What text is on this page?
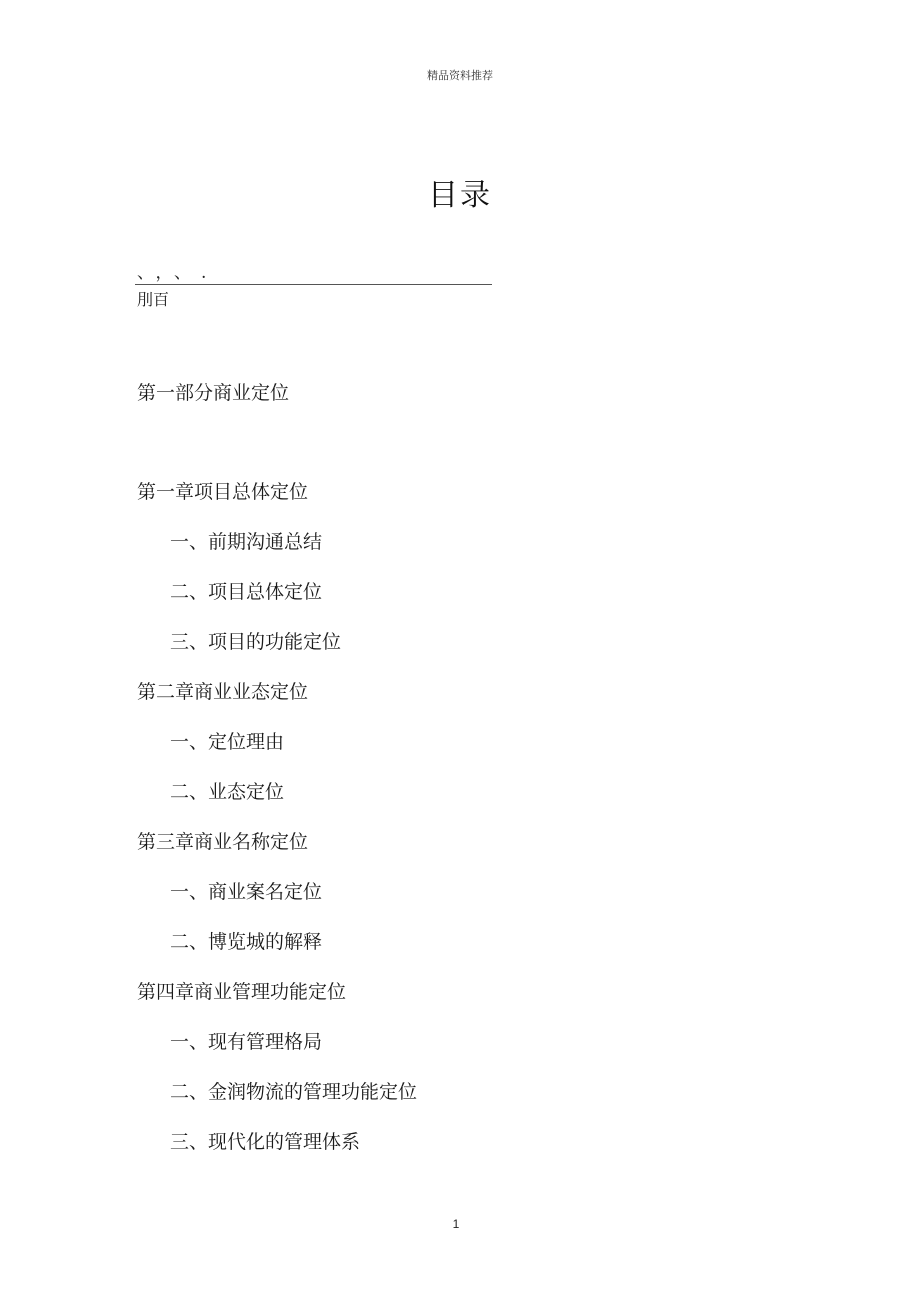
精品资料推荐
目录
、，、.
刖百
第一部分商业定位
第一章项目总体定位
一、前期沟通总结
二、项目总体定位
三、项目的功能定位
第二章商业业态定位
一、定位理由
二、业态定位
第三章商业名称定位
一、商业案名定位
二、博览城的解释
第四章商业管理功能定位
一、现有管理格局
二、金润物流的管理功能定位
三、现代化的管理体系
1
